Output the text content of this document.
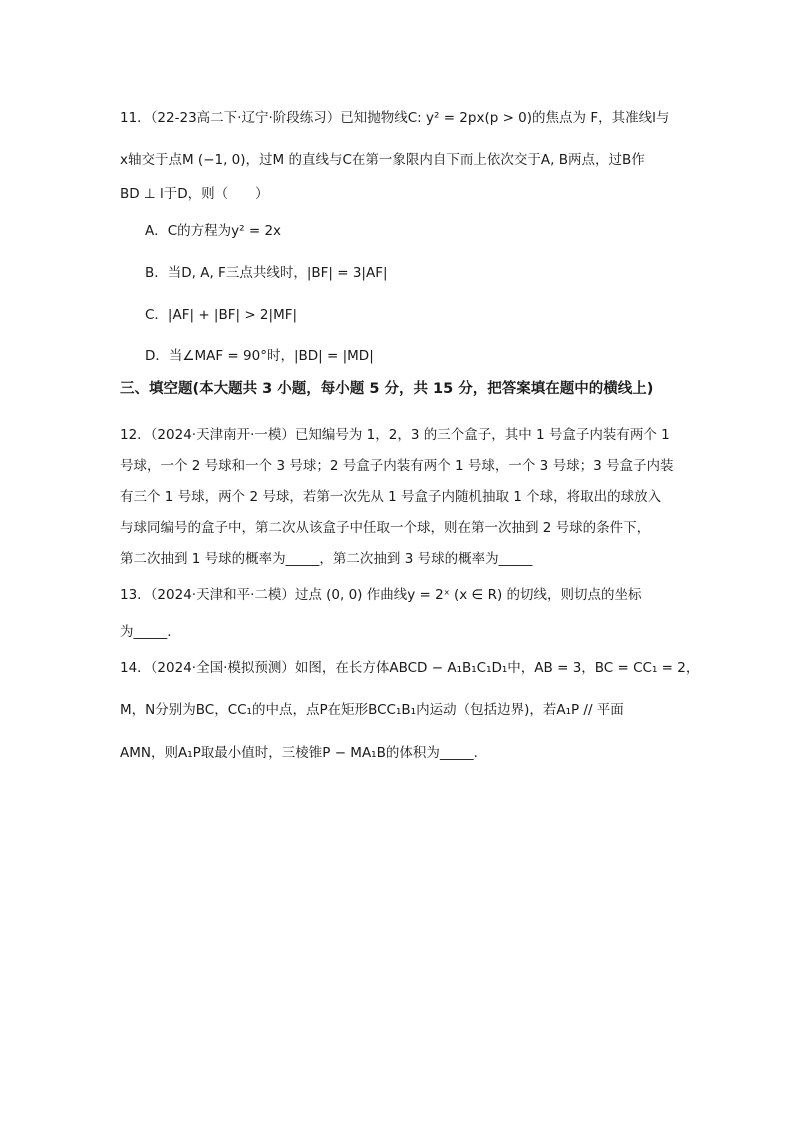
11．（22-23高二下·辽宁·阶段练习）已知抛物线C: y² = 2px(p > 0)的焦点为 F，其准线l与
x轴交于点M (−1, 0)，过M 的直线与C在第一象限内自下而上依次交于A, B两点，过B作
BD ⊥ l于D，则（　　）
A．C的方程为y² = 2x
B．当D, A, F三点共线时，|BF| = 3|AF|
C．|AF| + |BF| > 2|MF|
D．当∠MAF = 90°时，|BD| = |MD|
三、填空题(本大题共 3 小题，每小题 5 分，共 15 分，把答案填在题中的横线上)
12．（2024·天津南开·一模）已知编号为 1，2，3 的三个盒子，其中 1 号盒子内装有两个 1
号球，一个 2 号球和一个 3 号球；2 号盒子内装有两个 1 号球，一个 3 号球；3 号盒子内装
有三个 1 号球，两个 2 号球，若第一次先从 1 号盒子内随机抽取 1 个球，将取出的球放入
与球同编号的盒子中，第二次从该盒子中任取一个球，则在第一次抽到 2 号球的条件下，
第二次抽到 1 号球的概率为_____，第二次抽到 3 号球的概率为_____
13．（2024·天津和平·二模）过点 (0, 0) 作曲线y = 2ˣ (x ∈ R) 的切线，则切点的坐标
为_____.
14．（2024·全国·模拟预测）如图，在长方体ABCD − A₁B₁C₁D₁中，AB = 3，BC = CC₁ = 2，
M，N分别为BC，CC₁的中点，点P在矩形BCC₁B₁内运动（包括边界)，若A₁P // 平面
AMN，则A₁P取最小值时，三棱锥P − MA₁B的体积为_____.
